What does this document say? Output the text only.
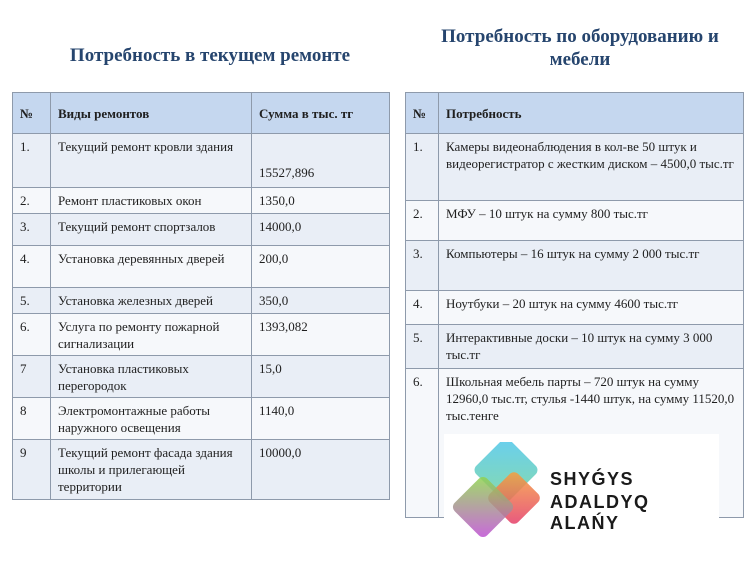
Потребность в текущем ремонте
Потребность по оборудованию и мебели
№	Виды ремонтов	Сумма в тыс. тг
1.	Текущий ремонт кровли здания	15527,896
2.	Ремонт пластиковых окон	1350,0
3.	Текущий ремонт спортзалов	14000,0
4.	Установка деревянных дверей	200,0
5.	Установка железных дверей	350,0
6.	Услуга по ремонту пожарной сигнализации	1393,082
7	Установка пластиковых перегородок	15,0
8	Электромонтажные работы наружного освещения	1140,0
9	Текущий ремонт фасада здания школы и прилегающей территории	10000,0
№	Потребность
1.	Камеры видеонаблюдения в кол-ве 50 штук и видеорегистратор с жестким диском – 4500,0 тыс.тг
2.	МФУ – 10 штук на сумму 800 тыс.тг
3.	Компьютеры – 16 штук на сумму 2 000 тыс.тг
4.	Ноутбуки – 20 штук на сумму 4600 тыс.тг
5.	Интерактивные доски – 10 штук на сумму 3 000 тыс.тг
6.	Школьная мебель парты – 720 штук на сумму 12960,0 тыс.тг, стулья -1440 штук, на сумму 11520,0 тыс.тенге
SHYǴYS
ADALDYQ ALAŃY
